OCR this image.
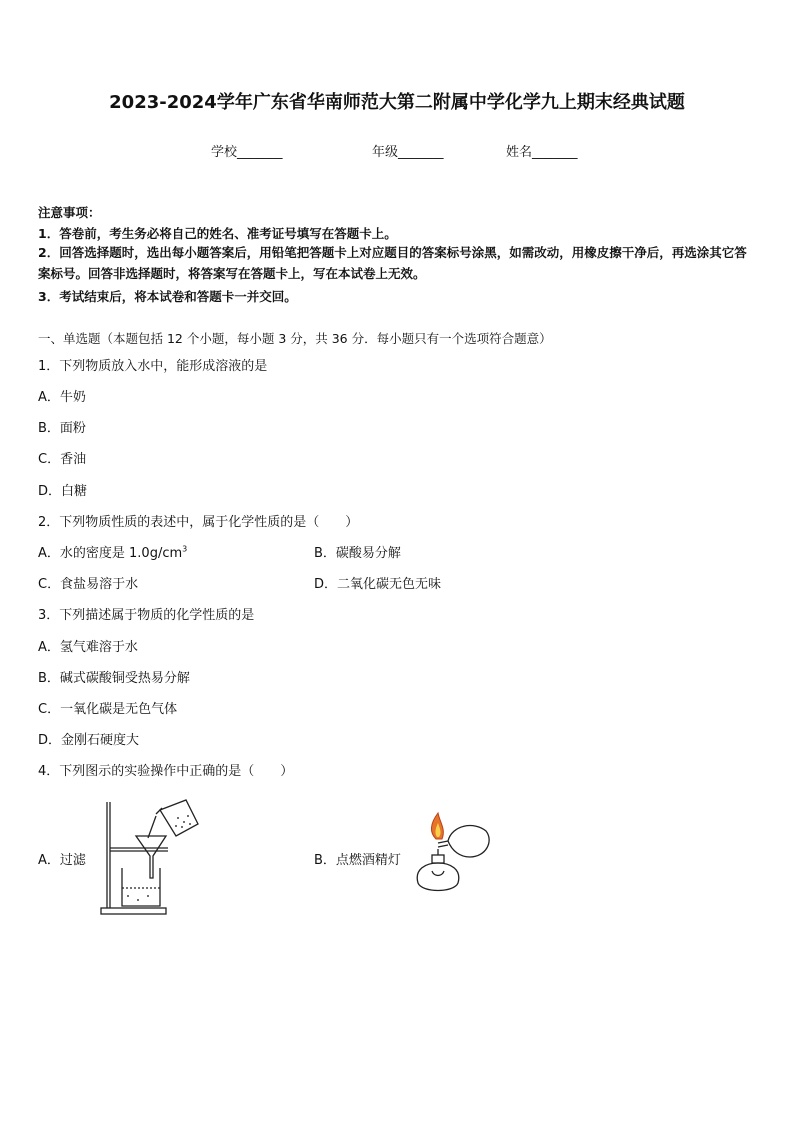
2023-2024学年广东省华南师范大第二附属中学化学九上期末经典试题
学校_______	年级_______	姓名_______
注意事项：
1．答卷前，考生务必将自己的姓名、准考证号填写在答题卡上。
2．回答选择题时，选出每小题答案后，用铅笔把答题卡上对应题目的答案标号涂黑，如需改动，用橡皮擦干净后，再选涂其它答案标号。回答非选择题时，将答案写在答题卡上，写在本试卷上无效。
3．考试结束后，将本试卷和答题卡一并交回。
一、单选题（本题包括 12 个小题，每小题 3 分，共 36 分．每小题只有一个选项符合题意）
1．下列物质放入水中，能形成溶液的是
A．牛奶
B．面粉
C．香油
D．白糖
2．下列物质性质的表述中，属于化学性质的是（　　）
A．水的密度是 $1.0g/cm^3$	B．碳酸易分解
C．食盐易溶于水	D．二氧化碳无色无味
3．下列描述属于物质的化学性质的是
A．氢气难溶于水
B．碱式碳酸铜受热易分解
C．一氧化碳是无色气体
D．金刚石硬度大
4．下列图示的实验操作中正确的是（　　）
A．过滤	B．点燃酒精灯
